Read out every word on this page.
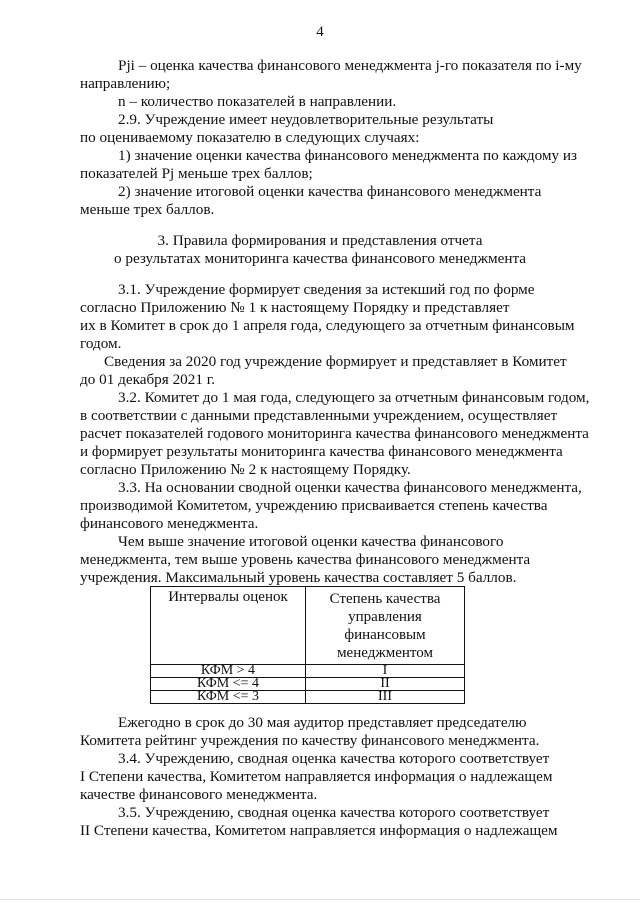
4
Pji – оценка качества финансового менеджмента j-го показателя по i-му
направлению;
n – количество показателей в направлении.
2.9. Учреждение имеет неудовлетворительные результаты
по оцениваемому показателю в следующих случаях:
1) значение оценки качества финансового менеджмента по каждому из
показателей Pj меньше трех баллов;
2) значение итоговой оценки качества финансового менеджмента
меньше трех баллов.
3. Правила формирования и представления отчета
о результатах мониторинга качества финансового менеджмента
3.1. Учреждение формирует сведения за истекший год по форме
согласно Приложению № 1 к настоящему Порядку и представляет
их в Комитет в срок до 1 апреля года, следующего за отчетным финансовым
годом.
Сведения за 2020 год учреждение формирует и представляет в Комитет
до 01 декабря 2021 г.
3.2. Комитет до 1 мая года, следующего за отчетным финансовым годом,
в соответствии с данными представленными учреждением, осуществляет
расчет показателей годового мониторинга качества финансового менеджмента
и формирует результаты мониторинга качества финансового менеджмента
согласно Приложению № 2 к настоящему Порядку.
3.3. На основании сводной оценки качества финансового менеджмента,
производимой Комитетом, учреждению присваивается степень качества
финансового менеджмента.
Чем выше значение итоговой оценки качества финансового
менеджмента, тем выше уровень качества финансового менеджмента
учреждения. Максимальный уровень качества составляет 5 баллов.
Интервалы оценок	Степень качества
управления
финансовым
менеджментом

КФМ > 4	I
КФМ <= 4	II
КФМ <= 3	III
Ежегодно в срок до 30 мая аудитор представляет председателю
Комитета рейтинг учреждения по качеству финансового менеджмента.
3.4. Учреждению, сводная оценка качества которого соответствует
I Степени качества, Комитетом направляется информация о надлежащем
качестве финансового менеджмента.
3.5. Учреждению, сводная оценка качества которого соответствует
II Степени качества, Комитетом направляется информация о надлежащем
